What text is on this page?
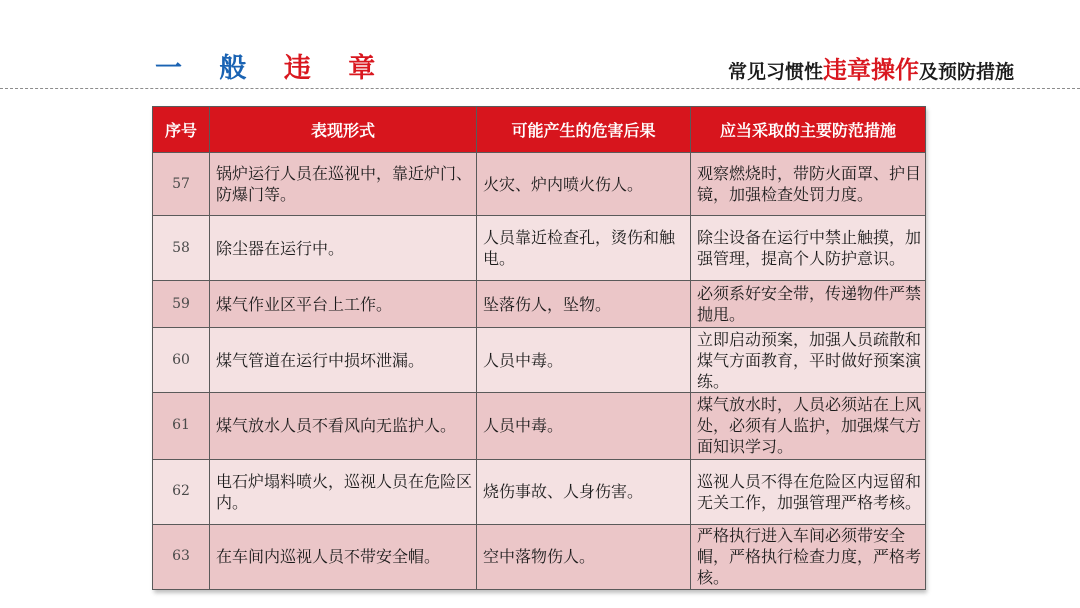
一 般 违 章	常见习惯性违章操作及预防措施
序号	表现形式	可能产生的危害后果	应当采取的主要防范措施
57	锅炉运行人员在巡视中，靠近炉门、防爆门等。	火灾、炉内喷火伤人。	观察燃烧时，带防火面罩、护目镜，加强检查处罚力度。
58	除尘器在运行中。	人员靠近检查孔，烫伤和触电。	除尘设备在运行中禁止触摸，加强管理，提高个人防护意识。
59	煤气作业区平台上工作。	坠落伤人，坠物。	必须系好安全带，传递物件严禁抛甩。
60	煤气管道在运行中损坏泄漏。	人员中毒。	立即启动预案，加强人员疏散和煤气方面教育，平时做好预案演练。
61	煤气放水人员不看风向无监护人。	人员中毒。	煤气放水时，人员必须站在上风处，必须有人监护，加强煤气方面知识学习。
62	电石炉塌料喷火，巡视人员在危险区内。	烧伤事故、人身伤害。	巡视人员不得在危险区内逗留和无关工作，加强管理严格考核。
63	在车间内巡视人员不带安全帽。	空中落物伤人。	严格执行进入车间必须带安全帽，严格执行检查力度，严格考核。
